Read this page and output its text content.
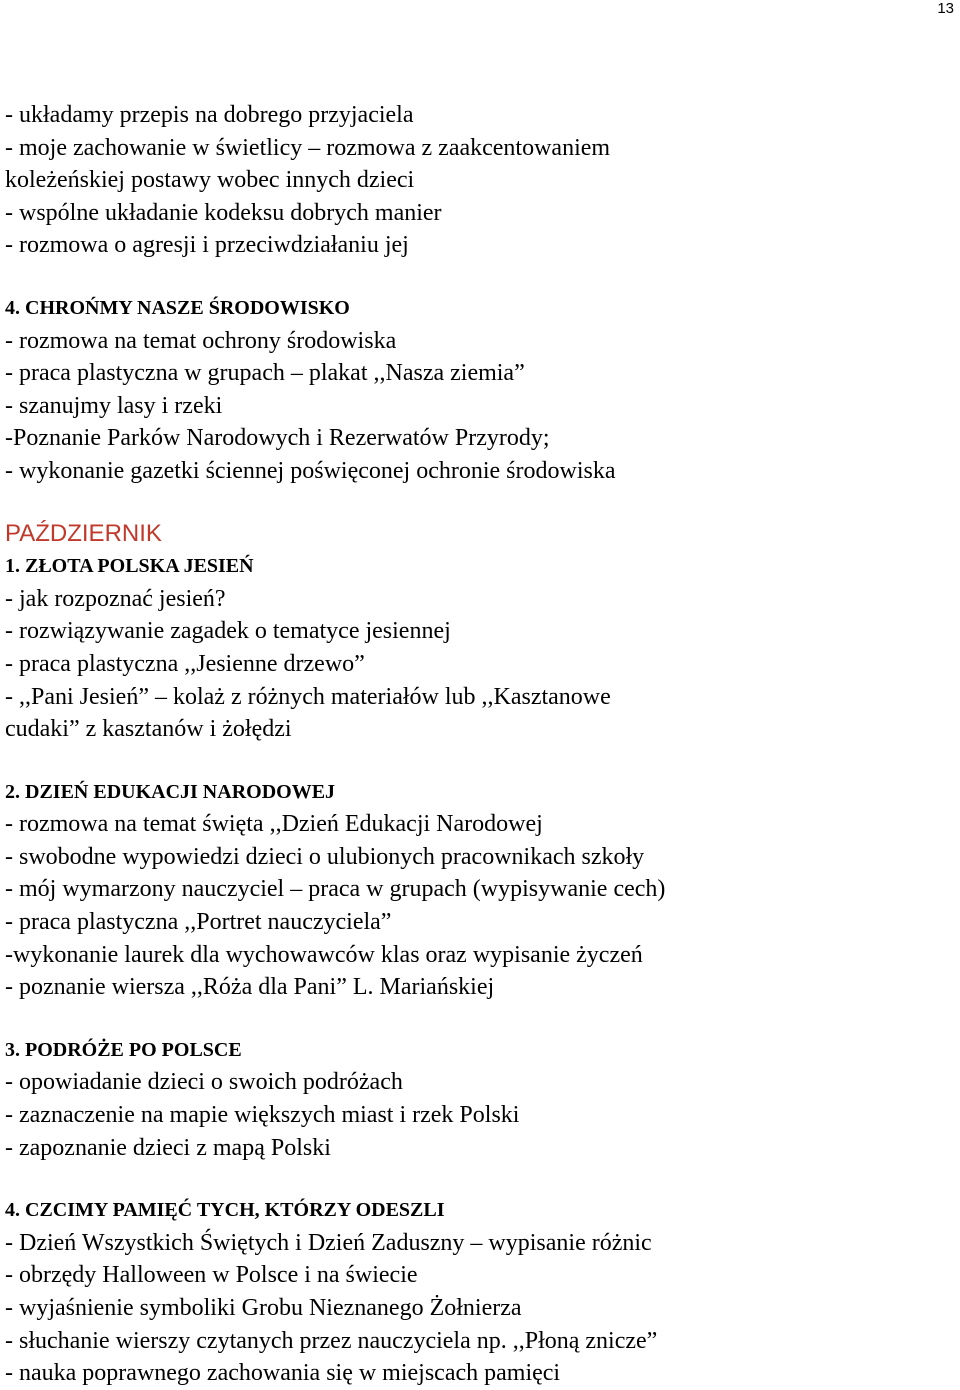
13
- układamy przepis na dobrego przyjaciela
- moje zachowanie w świetlicy – rozmowa z zaakcentowaniem
koleżeńskiej postawy wobec innych dzieci
- wspólne układanie kodeksu dobrych manier
- rozmowa o agresji i przeciwdziałaniu jej
4. CHROŃMY NASZE ŚRODOWISKO
- rozmowa na temat ochrony środowiska
- praca plastyczna w grupach – plakat ,,Nasza ziemia”
- szanujmy lasy i rzeki
-Poznanie Parków Narodowych i Rezerwatów Przyrody;
- wykonanie gazetki ściennej poświęconej ochronie środowiska
PAŹDZIERNIK
1. ZŁOTA POLSKA JESIEŃ
- jak rozpoznać jesień?
- rozwiązywanie zagadek o tematyce jesiennej
- praca plastyczna ,,Jesienne drzewo”
- ,,Pani Jesień” – kolaż z różnych materiałów lub ,,Kasztanowe
cudaki” z kasztanów i żołędzi
2. DZIEŃ EDUKACJI NARODOWEJ
- rozmowa na temat święta ,,Dzień Edukacji Narodowej
- swobodne wypowiedzi dzieci o ulubionych pracownikach szkoły
- mój wymarzony nauczyciel – praca w grupach (wypisywanie cech)
- praca plastyczna ,,Portret nauczyciela”
-wykonanie laurek dla wychowawców klas oraz wypisanie życzeń
- poznanie wiersza ,,Róża dla Pani” L. Mariańskiej
3. PODRÓŻE PO POLSCE
- opowiadanie dzieci o swoich podróżach
- zaznaczenie na mapie większych miast i rzek Polski
- zapoznanie dzieci z mapą Polski
4. CZCIMY PAMIĘĆ TYCH, KTÓRZY ODESZLI
- Dzień Wszystkich Świętych i Dzień Zaduszny – wypisanie różnic
- obrzędy Halloween w Polsce i na świecie
- wyjaśnienie symboliki Grobu Nieznanego Żołnierza
- słuchanie wierszy czytanych przez nauczyciela np. ,,Płoną znicze”
- nauka poprawnego zachowania się w miejscach pamięci
